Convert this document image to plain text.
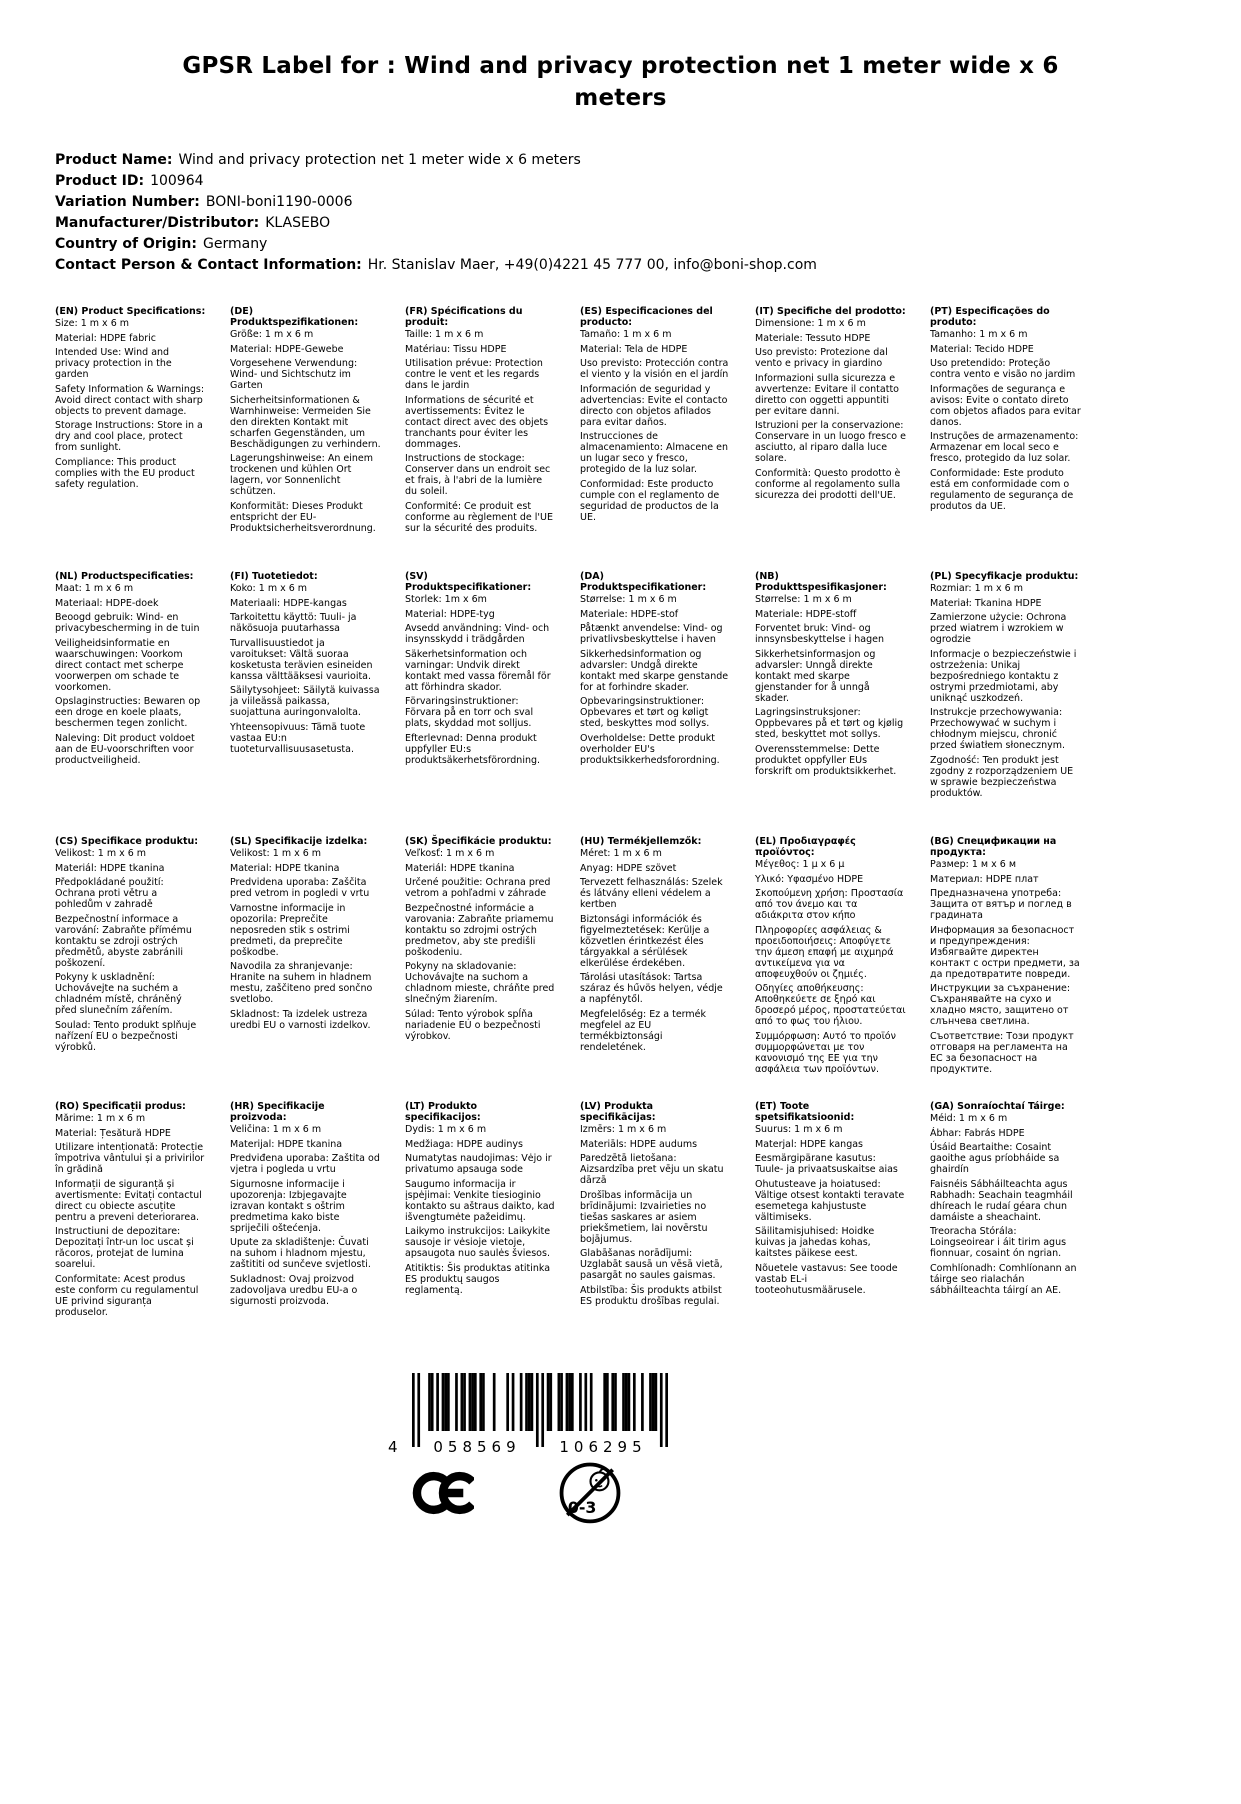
GPSR Label for : Wind and privacy protection net 1 meter wide x 6 meters
Product Name: Wind and privacy protection net 1 meter wide x 6 meters
Product ID: 100964
Variation Number: BONI-boni1190-0006
Manufacturer/Distributor: KLASEBO
Country of Origin: Germany
Contact Person & Contact Information: Hr. Stanislav Maer, +49(0)4221 45 777 00, info@boni-shop.com
(EN) Product Specifications:

Size: 1 m x 6 m

Material: HDPE fabric

Intended Use: Wind and privacy protection in the garden

Safety Information & Warnings: Avoid direct contact with sharp objects to prevent damage.

Storage Instructions: Store in a dry and cool place, protect from sunlight.

Compliance: This product complies with the EU product safety regulation.

(DE) Produktspezifikationen:

Größe: 1 m x 6 m

Material: HDPE-Gewebe

Vorgesehene Verwendung: Wind- und Sichtschutz im Garten

Sicherheitsinformationen & Warnhinweise: Vermeiden Sie den direkten Kontakt mit scharfen Gegenständen, um Beschädigungen zu verhindern.

Lagerungshinweise: An einem trockenen und kühlen Ort lagern, vor Sonnenlicht schützen.

Konformität: Dieses Produkt entspricht der EU-Produktsicherheitsverordnung.

(FR) Spécifications du produit:

Taille: 1 m x 6 m

Matériau: Tissu HDPE

Utilisation prévue: Protection contre le vent et les regards dans le jardin

Informations de sécurité et avertissements: Évitez le contact direct avec des objets tranchants pour éviter les dommages.

Instructions de stockage: Conserver dans un endroit sec et frais, à l'abri de la lumière du soleil.

Conformité: Ce produit est conforme au règlement de l'UE sur la sécurité des produits.

(ES) Especificaciones del producto:

Tamaño: 1 m x 6 m

Material: Tela de HDPE

Uso previsto: Protección contra el viento y la visión en el jardín

Información de seguridad y advertencias: Evite el contacto directo con objetos afilados para evitar daños.

Instrucciones de almacenamiento: Almacene en un lugar seco y fresco, protegido de la luz solar.

Conformidad: Este producto cumple con el reglamento de seguridad de productos de la UE.

(IT) Specifiche del prodotto:

Dimensione: 1 m x 6 m

Materiale: Tessuto HDPE

Uso previsto: Protezione dal vento e privacy in giardino

Informazioni sulla sicurezza e avvertenze: Evitare il contatto diretto con oggetti appuntiti per evitare danni.

Istruzioni per la conservazione: Conservare in un luogo fresco e asciutto, al riparo dalla luce solare.

Conformità: Questo prodotto è conforme al regolamento sulla sicurezza dei prodotti dell'UE.

(PT) Especificações do produto:

Tamanho: 1 m x 6 m

Material: Tecido HDPE

Uso pretendido: Proteção contra vento e visão no jardim

Informações de segurança e avisos: Evite o contato direto com objetos afiados para evitar danos.

Instruções de armazenamento: Armazenar em local seco e fresco, protegido da luz solar.

Conformidade: Este produto está em conformidade com o regulamento de segurança de produtos da UE.

(NL) Productspecificaties:

Maat: 1 m x 6 m

Materiaal: HDPE-doek

Beoogd gebruik: Wind- en privacybescherming in de tuin

Veiligheidsinformatie en waarschuwingen: Voorkom direct contact met scherpe voorwerpen om schade te voorkomen.

Opslaginstructies: Bewaren op een droge en koele plaats, beschermen tegen zonlicht.

Naleving: Dit product voldoet aan de EU-voorschriften voor productveiligheid.

(FI) Tuotetiedot:

Koko: 1 m x 6 m

Materiaali: HDPE-kangas

Tarkoitettu käyttö: Tuuli- ja näkösuoja puutarhassa

Turvallisuustiedot ja varoitukset: Vältä suoraa kosketusta terävien esineiden kanssa välttääksesi vaurioita.

Säilytysohjeet: Säilytä kuivassa ja viileässä paikassa, suojattuna auringonvalolta.

Yhteensopivuus: Tämä tuote vastaa EU:n tuoteturvallisuusasetusta.

(SV) Produktspecifikationer:

Storlek: 1m x 6m

Material: HDPE-tyg

Avsedd användning: Vind- och insynsskydd i trädgården

Säkerhetsinformation och varningar: Undvik direkt kontakt med vassa föremål för att förhindra skador.

Förvaringsinstruktioner: Förvara på en torr och sval plats, skyddad mot solljus.

Efterlevnad: Denna produkt uppfyller EU:s produktsäkerhetsförordning.

(DA) Produktspecifikationer:

Størrelse: 1 m x 6 m

Materiale: HDPE-stof

Påtænkt anvendelse: Vind- og privatlivsbeskyttelse i haven

Sikkerhedsinformation og advarsler: Undgå direkte kontakt med skarpe genstande for at forhindre skader.

Opbevaringsinstruktioner: Opbevares et tørt og køligt sted, beskyttes mod sollys.

Overholdelse: Dette produkt overholder EU's produktsikkerhedsforordning.

(NB) Produkttspesifikasjoner:

Størrelse: 1 m x 6 m

Materiale: HDPE-stoff

Forventet bruk: Vind- og innsynsbeskyttelse i hagen

Sikkerhetsinformasjon og advarsler: Unngå direkte kontakt med skarpe gjenstander for å unngå skader.

Lagringsinstruksjoner: Oppbevares på et tørt og kjølig sted, beskyttet mot sollys.

Overensstemmelse: Dette produktet oppfyller EUs forskrift om produktsikkerhet.

(PL) Specyfikacje produktu:

Rozmiar: 1 m x 6 m

Materiał: Tkanina HDPE

Zamierzone użycie: Ochrona przed wiatrem i wzrokiem w ogrodzie

Informacje o bezpieczeństwie i ostrzeżenia: Unikaj bezpośredniego kontaktu z ostrymi przedmiotami, aby uniknąć uszkodzeń.

Instrukcje przechowywania: Przechowywać w suchym i chłodnym miejscu, chronić przed światłem słonecznym.

Zgodność: Ten produkt jest zgodny z rozporządzeniem UE w sprawie bezpieczeństwa produktów.

(CS) Specifikace produktu:

Velikost: 1 m x 6 m

Materiál: HDPE tkanina

Předpokládané použití: Ochrana proti větru a pohledům v zahradě

Bezpečnostní informace a varování: Zabraňte přímému kontaktu se zdroji ostrých předmětů, abyste zabránili poškození.

Pokyny k uskladnění: Uchovávejte na suchém a chladném místě, chráněný před slunečním zářením.

Soulad: Tento produkt splňuje nařízení EU o bezpečnosti výrobků.

(SL) Specifikacije izdelka:

Velikost: 1 m x 6 m

Material: HDPE tkanina

Predvidena uporaba: Zaščita pred vetrom in pogledi v vrtu

Varnostne informacije in opozorila: Preprečite neposreden stik s ostrimi predmeti, da preprečite poškodbe.

Navodila za shranjevanje: Hranite na suhem in hladnem mestu, zaščiteno pred sončno svetlobo.

Skladnost: Ta izdelek ustreza uredbi EU o varnosti izdelkov.

(SK) Špecifikácie produktu:

Veľkosť: 1 m x 6 m

Materiál: HDPE tkanina

Určené použitie: Ochrana pred vetrom a pohľadmi v záhrade

Bezpečnostné informácie a varovania: Zabraňte priamemu kontaktu so zdrojmi ostrých predmetov, aby ste predišli poškodeniu.

Pokyny na skladovanie: Uchovávajte na suchom a chladnom mieste, chráňte pred slnečným žiarením.

Súlad: Tento výrobok spĺňa nariadenie EÚ o bezpečnosti výrobkov.

(HU) Termékjellemzők:

Méret: 1 m x 6 m

Anyag: HDPE szövet

Tervezett felhasználás: Szelek és látvány elleni védelem a kertben

Biztonsági információk és figyelmeztetések: Kerülje a közvetlen érintkezést éles tárgyakkal a sérülések elkerülése érdekében.

Tárolási utasítások: Tartsa száraz és hűvös helyen, védje a napfénytől.

Megfelelőség: Ez a termék megfelel az EU termékbiztonsági rendeletének.

(EL) Προδιαγραφές προϊόντος:

Μέγεθος: 1 μ x 6 μ

Υλικό: Υφασμένο HDPE

Σκοπούμενη χρήση: Προστασία από τον άνεμο και τα αδιάκριτα στον κήπο

Πληροφορίες ασφάλειας & προειδοποιήσεις: Αποφύγετε την άμεση επαφή με αιχμηρά αντικείμενα για να αποφευχθούν οι ζημιές.

Οδηγίες αποθήκευσης: Αποθηκεύετε σε ξηρό και δροσερό μέρος, προστατεύεται από το φως του ήλιου.

Συμμόρφωση: Αυτό το προϊόν συμμορφώνεται με τον κανονισμό της ΕΕ για την ασφάλεια των προϊόντων.

(BG) Спецификации на продукта:

Размер: 1 м x 6 м

Материал: HDPE плат

Предназначена употреба: Защита от вятър и поглед в градината

Информация за безопасност и предупреждения: Избягвайте директен контакт с остри предмети, за да предотвратите повреди.

Инструкции за съхранение: Съхранявайте на сухо и хладно място, защитено от слънчева светлина.

Съответствие: Този продукт отговаря на регламента на ЕС за безопасност на продуктите.

(RO) Specificații produs:

Mărime: 1 m x 6 m

Material: Țesătură HDPE

Utilizare intenționată: Protecție împotriva vântului și a privirilor în grădină

Informații de siguranță și avertismente: Evitați contactul direct cu obiecte ascuțite pentru a preveni deteriorarea.

Instructiuni de depozitare: Depozitați într-un loc uscat și răcoros, protejat de lumina soarelui.

Conformitate: Acest produs este conform cu regulamentul UE privind siguranța produselor.

(HR) Specifikacije proizvoda:

Veličina: 1 m x 6 m

Materijal: HDPE tkanina

Predviđena uporaba: Zaštita od vjetra i pogleda u vrtu

Sigurnosne informacije i upozorenja: Izbjegavajte izravan kontakt s oštrim predmetima kako biste spriječili oštećenja.

Upute za skladištenje: Čuvati na suhom i hladnom mjestu, zaštititi od sunčeve svjetlosti.

Sukladnost: Ovaj proizvod zadovoljava uredbu EU-a o sigurnosti proizvoda.

(LT) Produkto specifikacijos:

Dydis: 1 m x 6 m

Medžiaga: HDPE audinys

Numatytas naudojimas: Vėjo ir privatumo apsauga sode

Saugumo informacija ir įspėjimai: Venkite tiesioginio kontakto su aštraus daikto, kad išvengtumėte pažeidimų.

Laikymo instrukcijos: Laikykite sausoje ir vėsioje vietoje, apsaugota nuo saulės šviesos.

Atitiktis: Šis produktas atitinka ES produktų saugos reglamentą.

(LV) Produkta specifikācijas:

Izmērs: 1 m x 6 m

Materiāls: HDPE audums

Paredzētā lietošana: Aizsardzība pret vēju un skatu dārzā

Drošības informācija un brīdinājumi: Izvairieties no tiešas saskares ar asiem priekšmetiem, lai novērstu bojājumus.

Glabāšanas norādījumi: Uzglabāt sausā un vēsā vietā, pasargāt no saules gaismas.

Atbilstība: Šis produkts atbilst ES produktu drošības regulai.

(ET) Toote spetsifikatsioonid:

Suurus: 1 m x 6 m

Materjal: HDPE kangas

Eesmärgipärane kasutus: Tuule- ja privaatsuskaitse aias

Ohutusteave ja hoiatused: Vältige otsest kontakti teravate esemetega kahjustuste vältimiseks.

Säilitamisjuhised: Hoidke kuivas ja jahedas kohas, kaitstes päikese eest.

Nõuetele vastavus: See toode vastab EL-i tooteohutusmäärusele.

(GA) Sonraíochtaí Táirge:

Méid: 1 m x 6 m

Ábhar: Fabrás HDPE

Úsáid Beartaithe: Cosaint gaoithe agus príobháide sa ghairdín

Faisnéis Sábháilteachta agus Rabhadh: Seachain teagmháil dhíreach le rudaí géara chun damáiste a sheachaint.

Treoracha Stórála: Loingseoirear i áit tirim agus fionnuar, cosaint ón ngrian.

Comhlíonadh: Comhlíonann an táirge seo rialachán sábháilteachta táirgí an AE.

4	058569	106295
0-3
